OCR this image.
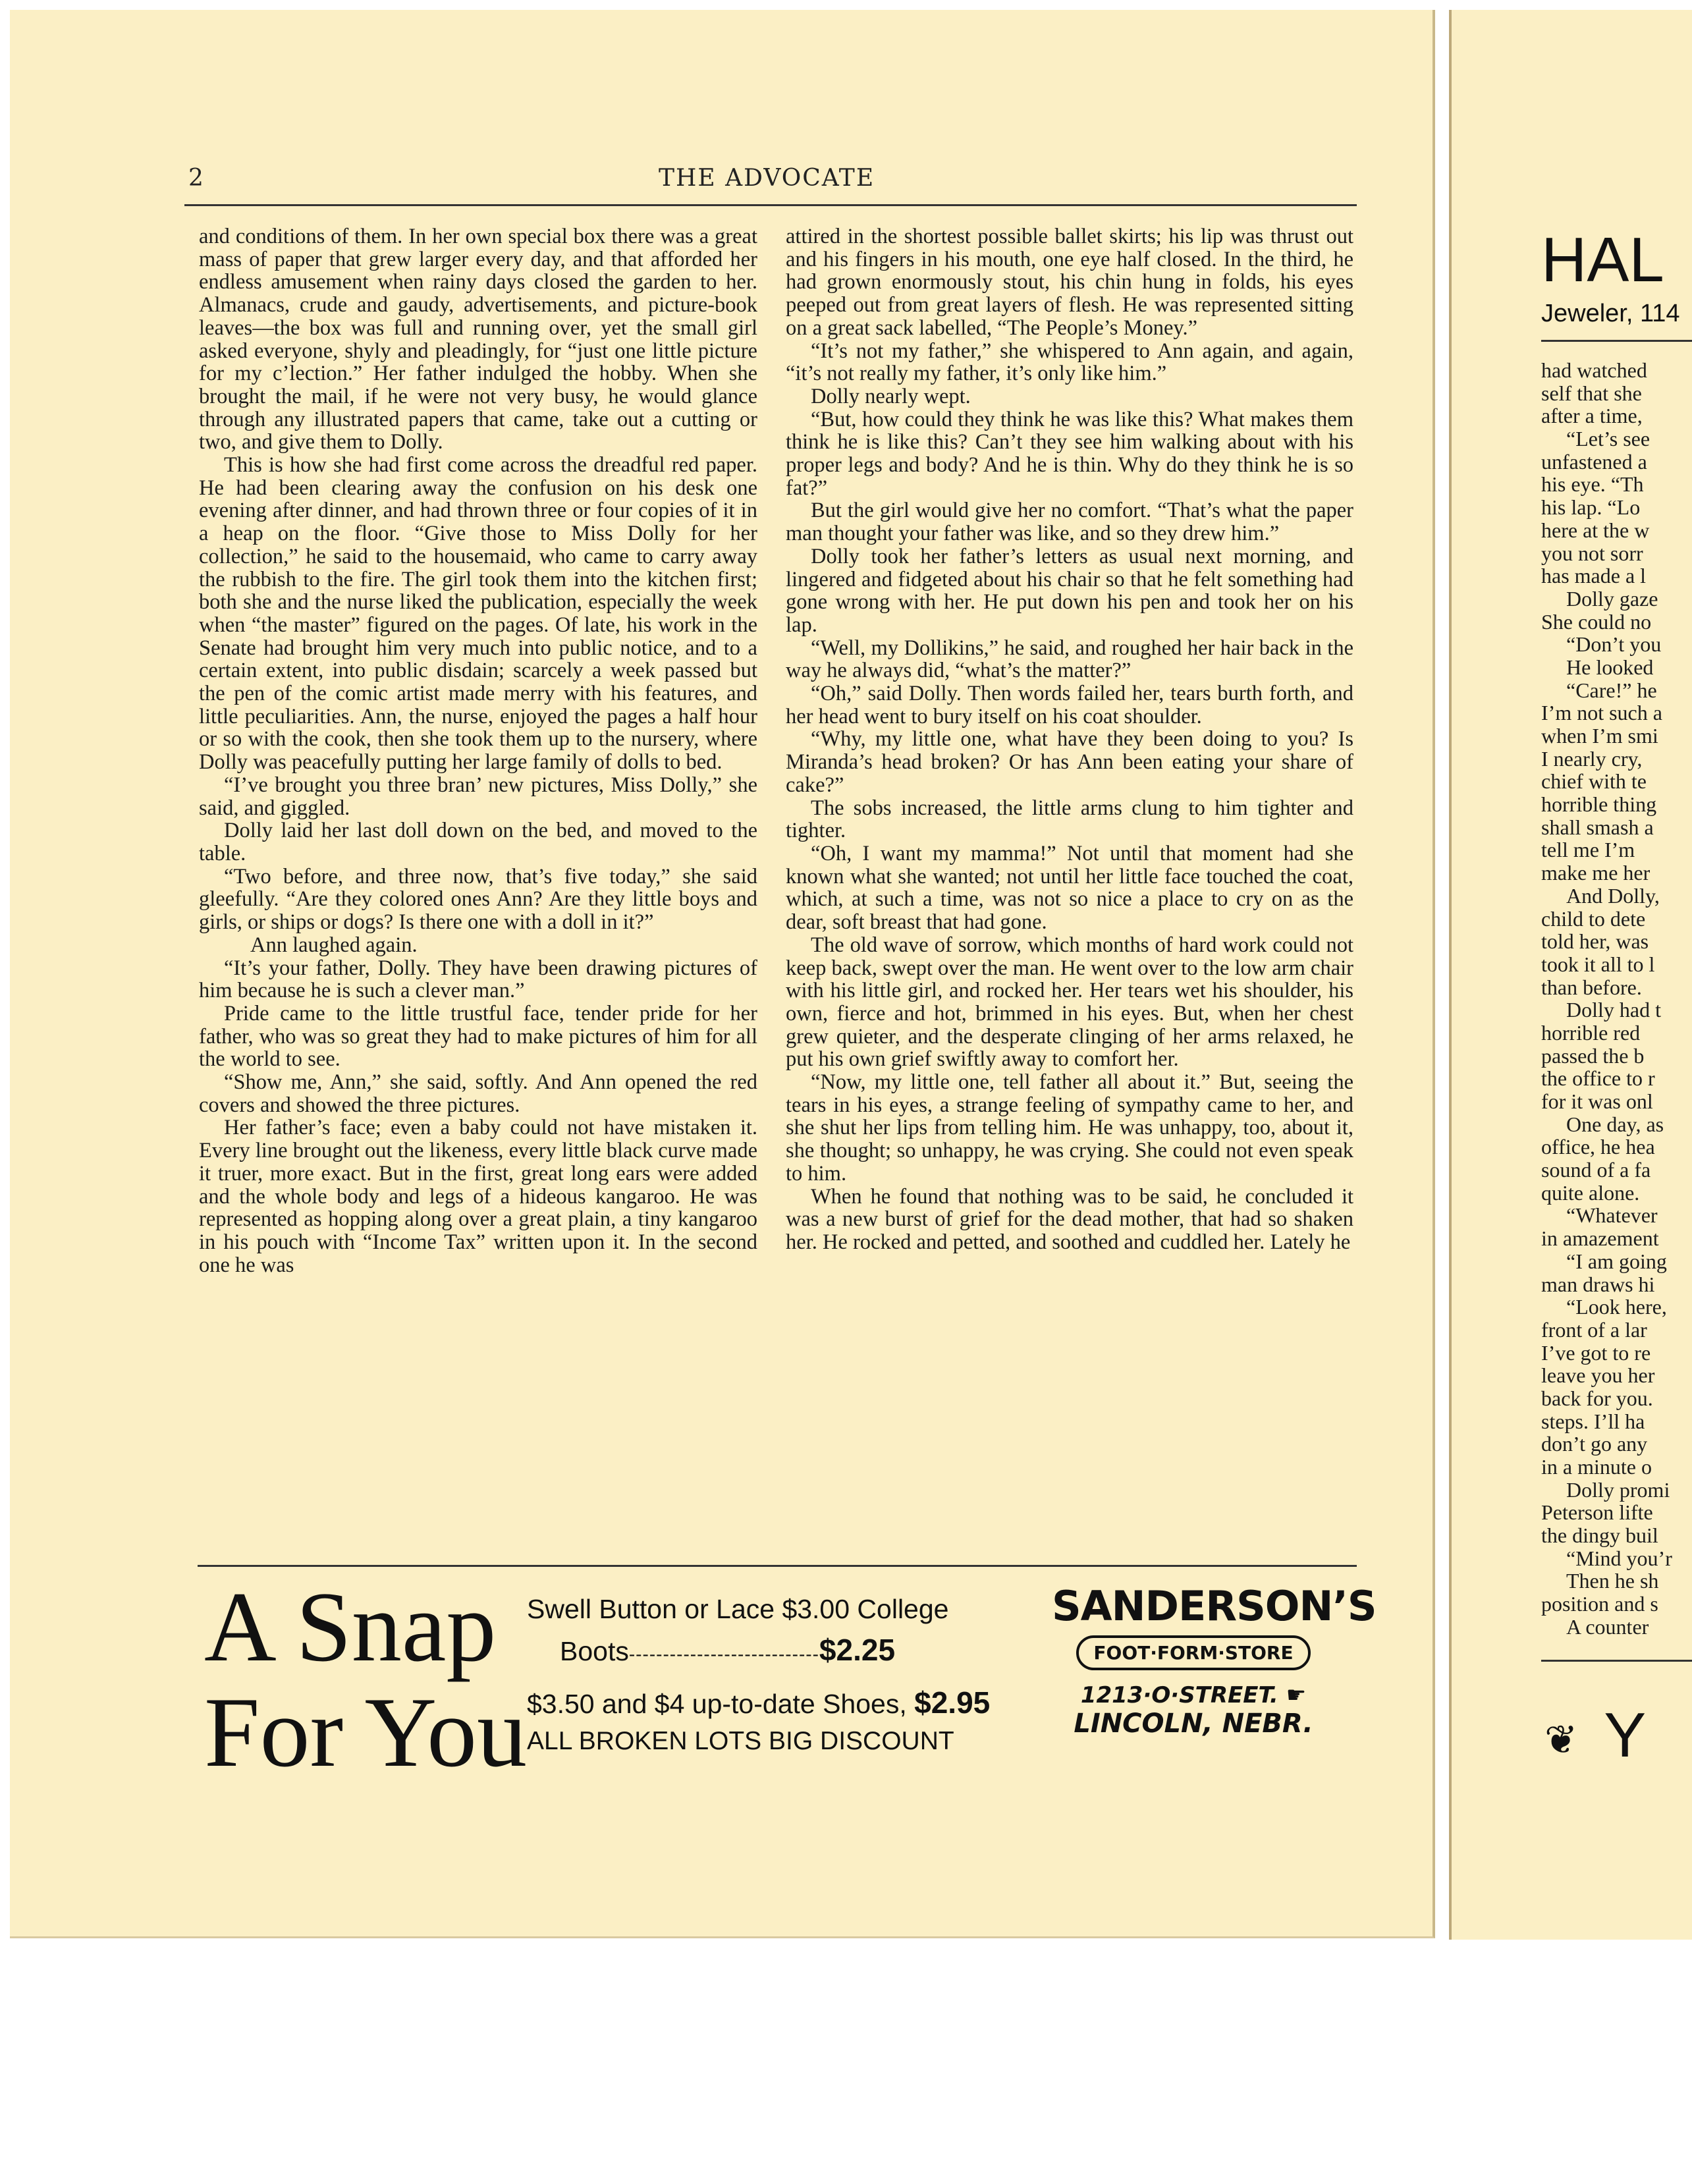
2	THE ADVOCATE

and conditions of them. In her own special box there was a great mass of paper that grew larger every day, and that afforded her endless amusement when rainy days closed the garden to her. Almanacs, crude and gaudy, advertisements, and picture-book leaves—the box was full and running over, yet the small girl asked everyone, shyly and pleadingly, for “just one little picture for my c’lection.” Her father indulged the hobby. When she brought the mail, if he were not very busy, he would glance through any illustrated papers that came, take out a cutting or two, and give them to Dolly.

This is how she had first come across the dreadful red paper. He had been clearing away the confusion on his desk one evening after dinner, and had thrown three or four copies of it in a heap on the floor. “Give those to Miss Dolly for her collection,” he said to the housemaid, who came to carry away the rubbish to the fire. The girl took them into the kitchen first; both she and the nurse liked the publication, especially the week when “the master” figured on the pages. Of late, his work in the Senate had brought him very much into public notice, and to a certain extent, into public disdain; scarcely a week passed but the pen of the comic artist made merry with his features, and little peculiarities. Ann, the nurse, enjoyed the pages a half hour or so with the cook, then she took them up to the nursery, where Dolly was peacefully putting her large family of dolls to bed.

“I’ve brought you three bran’ new pictures, Miss Dolly,” she said, and giggled.

Dolly laid her last doll down on the bed, and moved to the table.

“Two before, and three now, that’s five today,” she said gleefully. “Are they colored ones Ann? Are they little boys and girls, or ships or dogs? Is there one with a doll in it?”

Ann laughed again.

“It’s your father, Dolly. They have been drawing pictures of him because he is such a clever man.”

Pride came to the little trustful face, tender pride for her father, who was so great they had to make pictures of him for all the world to see.

“Show me, Ann,” she said, softly. And Ann opened the red covers and showed the three pictures.

Her father’s face; even a baby could not have mistaken it. Every line brought out the likeness, every little black curve made it truer, more exact. But in the first, great long ears were added and the whole body and legs of a hideous kangaroo. He was represented as hopping along over a great plain, a tiny kangaroo in his pouch with “Income Tax” written upon it. In the second one he was

attired in the shortest possible ballet skirts; his lip was thrust out and his fingers in his mouth, one eye half closed. In the third, he had grown enormously stout, his chin hung in folds, his eyes peeped out from great layers of flesh. He was represented sitting on a great sack labelled, “The People’s Money.”

“It’s not my father,” she whispered to Ann again, and again, “it’s not really my father, it’s only like him.”

Dolly nearly wept.

“But, how could they think he was like this? What makes them think he is like this? Can’t they see him walking about with his proper legs and body? And he is thin. Why do they think he is so fat?”

But the girl would give her no comfort. “That’s what the paper man thought your father was like, and so they drew him.”

Dolly took her father’s letters as usual next morning, and lingered and fidgeted about his chair so that he felt something had gone wrong with her. He put down his pen and took her on his lap.

“Well, my Dollikins,” he said, and roughed her hair back in the way he always did, “what’s the matter?”

“Oh,” said Dolly. Then words failed her, tears burth forth, and her head went to bury itself on his coat shoulder.

“Why, my little one, what have they been doing to you? Is Miranda’s head broken? Or has Ann been eating your share of cake?”

The sobs increased, the little arms clung to him tighter and tighter.

“Oh, I want my mamma!” Not until that moment had she known what she wanted; not until her little face touched the coat, which, at such a time, was not so nice a place to cry on as the dear, soft breast that had gone.

The old wave of sorrow, which months of hard work could not keep back, swept over the man. He went over to the low arm chair with his little girl, and rocked her. Her tears wet his shoulder, his own, fierce and hot, brimmed in his eyes. But, when her chest grew quieter, and the desperate clinging of her arms relaxed, he put his own grief swiftly away to comfort her.

“Now, my little one, tell father all about it.” But, seeing the tears in his eyes, a strange feeling of sympathy came to her, and she shut her lips from telling him. He was unhappy, too, about it, she thought; so unhappy, he was crying. She could not even speak to him.

When he found that nothing was to be said, he concluded it was a new burst of grief for the dead mother, that had so shaken her. He rocked and petted, and soothed and cuddled her. Lately he

A Snap
For You
Swell Button or Lace $3.00 College
Boots----------------------------$2.25
$3.50 and $4 up-to-date Shoes, $2.95
ALL BROKEN LOTS BIG DISCOUNT
SANDERSON’S
FOOT·FORM·STORE
1213·O·STREET. ☛
LINCOLN, NEBR.
HAL
Jeweler, 114
had watched
self that she
after a time,
“Let’s see
unfastened a
his eye. “Th
his lap. “Lo
here at the w
you not sorr
has made a l
Dolly gaze
She could no
“Don’t you
He looked
“Care!” he
I’m not such a
when I’m smi
I nearly cry,
chief with te
horrible thing
shall smash a
tell me I’m
make me her
And Dolly,
child to dete
told her, was
took it all to l
than before.
Dolly had t
horrible red
passed the b
the office to r
for it was onl
One day, as
office, he hea
sound of a fa
quite alone.
“Whatever
in amazement
“I am going
man draws hi
“Look here,
front of a lar
I’ve got to re
leave you her
back for you.
steps. I’ll ha
don’t go any
in a minute o
Dolly promi
Peterson lifte
the dingy buil
“Mind you’r
Then he sh
position and s
A counter
❦ Y
